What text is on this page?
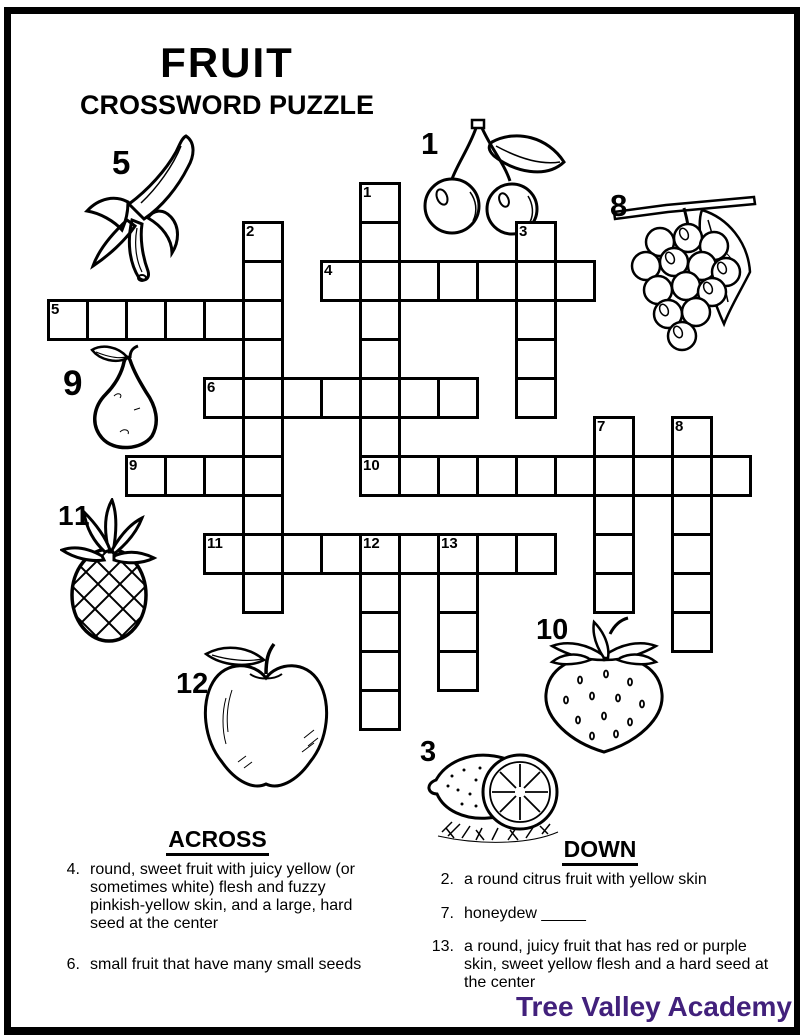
FRUIT
CROSSWORD PUZZLE
5
1
8
9
11
10
12
3
1
2	3
4
5
6
7	8
9	10
11	12	13
ACROSS
4. round, sweet fruit with juicy yellow (or sometimes white) flesh and fuzzy pinkish-yellow skin, and a large, hard seed at the center
6. small fruit that have many small seeds
DOWN
2. a round citrus fruit with yellow skin
7. honeydew _____
13. a round, juicy fruit that has red or purple skin, sweet yellow flesh and a hard seed at the center
Tree Valley Academy
